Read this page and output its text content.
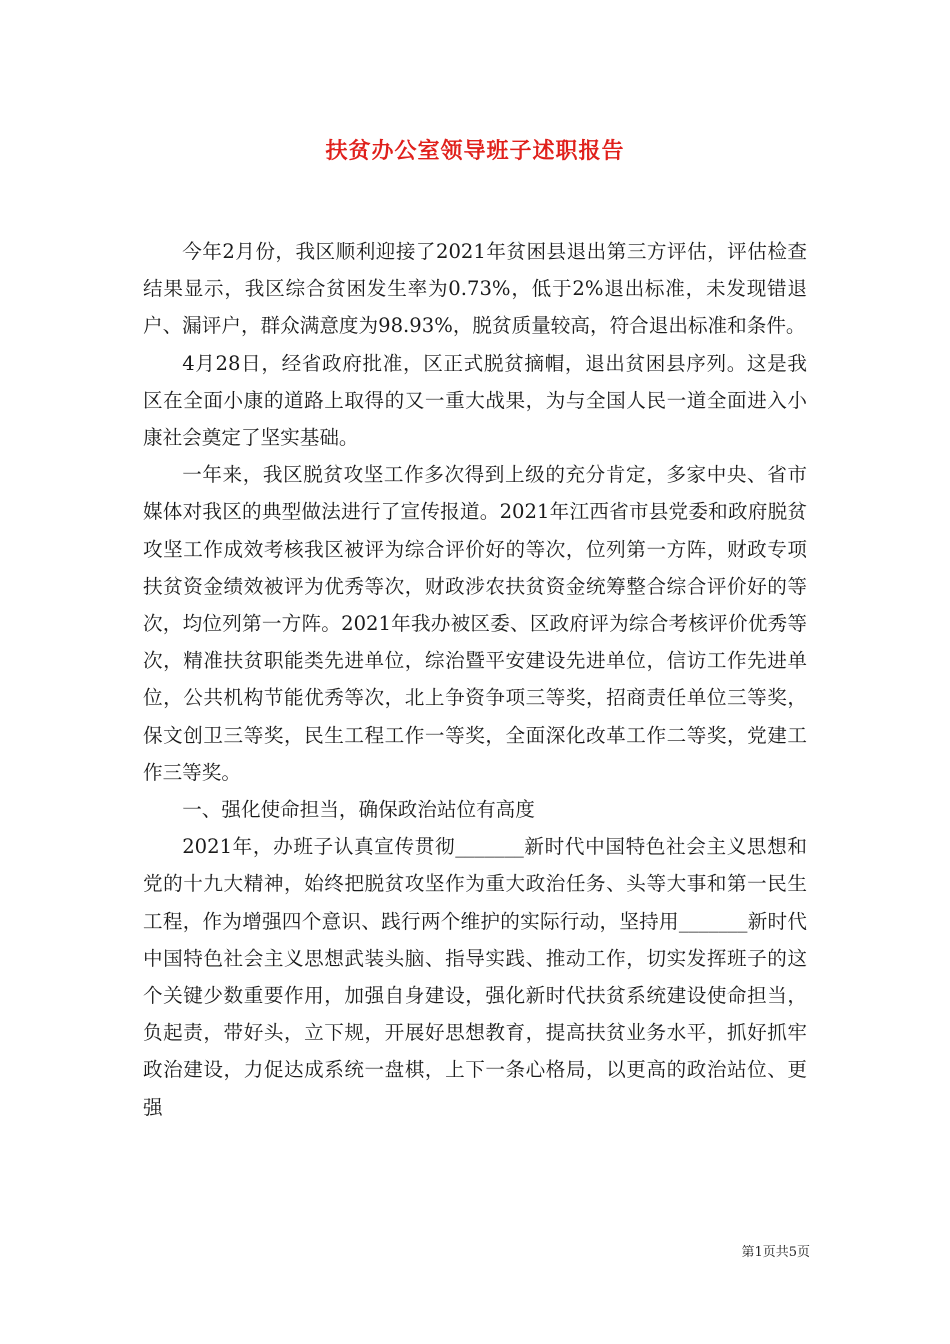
扶贫办公室领导班子述职报告

今年2月份，我区顺利迎接了2021年贫困县退出第三方评估，评估检查结果显示，我区综合贫困发生率为0.73%，低于2%退出标准，未发现错退户、漏评户，群众满意度为98.93%，脱贫质量较高，符合退出标准和条件。

4月28日，经省政府批准，区正式脱贫摘帽，退出贫困县序列。这是我区在全面小康的道路上取得的又一重大战果，为与全国人民一道全面进入小康社会奠定了坚实基础。

一年来，我区脱贫攻坚工作多次得到上级的充分肯定，多家中央、省市媒体对我区的典型做法进行了宣传报道。2021年江西省市县党委和政府脱贫攻坚工作成效考核我区被评为综合评价好的等次，位列第一方阵，财政专项扶贫资金绩效被评为优秀等次，财政涉农扶贫资金统筹整合综合评价好的等次，均位列第一方阵。2021年我办被区委、区政府评为综合考核评价优秀等次，精准扶贫职能类先进单位，综治暨平安建设先进单位，信访工作先进单位，公共机构节能优秀等次，北上争资争项三等奖，招商责任单位三等奖，保文创卫三等奖，民生工程工作一等奖，全面深化改革工作二等奖，党建工作三等奖。

一、强化使命担当，确保政治站位有高度

2021年，办班子认真宣传贯彻_______新时代中国特色社会主义思想和党的十九大精神，始终把脱贫攻坚作为重大政治任务、头等大事和第一民生工程，作为增强四个意识、践行两个维护的实际行动，坚持用_______新时代中国特色社会主义思想武装头脑、指导实践、推动工作，切实发挥班子的这个关键少数重要作用，加强自身建设，强化新时代扶贫系统建设使命担当，负起责，带好头，立下规，开展好思想教育，提高扶贫业务水平，抓好抓牢政治建设，力促达成系统一盘棋，上下一条心格局，以更高的政治站位、更强

第1页共5页
